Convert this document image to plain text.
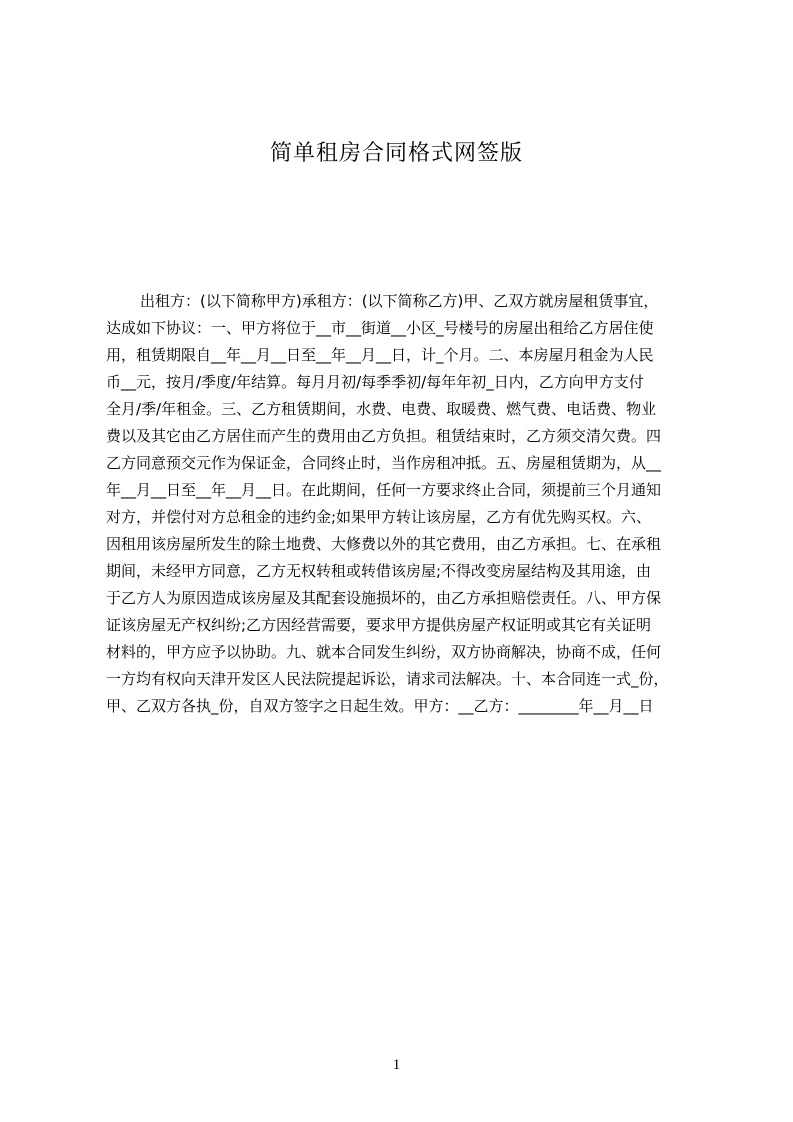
简单租房合同格式网签版
出租方：(以下简称甲方)承租方：(以下简称乙方)甲、乙双方就房屋租赁事宜，
达成如下协议：一、甲方将位于__市__街道__小区_号楼号的房屋出租给乙方居住使
用，租赁期限自__年__月__日至__年__月__日，计_个月。二、本房屋月租金为人民
币__元，按月/季度/年结算。每月月初/每季季初/每年年初_日内，乙方向甲方支付
全月/季/年租金。三、乙方租赁期间，水费、电费、取暖费、燃气费、电话费、物业
费以及其它由乙方居住而产生的费用由乙方负担。租赁结束时，乙方须交清欠费。四
乙方同意预交元作为保证金，合同终止时，当作房租冲抵。五、房屋租赁期为，从__
年__月__日至__年__月__日。在此期间，任何一方要求终止合同，须提前三个月通知
对方，并偿付对方总租金的违约金;如果甲方转让该房屋，乙方有优先购买权。六、
因租用该房屋所发生的除土地费、大修费以外的其它费用，由乙方承担。七、在承租
期间，未经甲方同意，乙方无权转租或转借该房屋;不得改变房屋结构及其用途，由
于乙方人为原因造成该房屋及其配套设施损坏的，由乙方承担赔偿责任。八、甲方保
证该房屋无产权纠纷;乙方因经营需要，要求甲方提供房屋产权证明或其它有关证明
材料的，甲方应予以协助。九、就本合同发生纠纷，双方协商解决，协商不成，任何
一方均有权向天津开发区人民法院提起诉讼，请求司法解决。十、本合同连一式_份，
甲、乙双方各执_份，自双方签字之日起生效。甲方：__乙方：________年__月__日
1
